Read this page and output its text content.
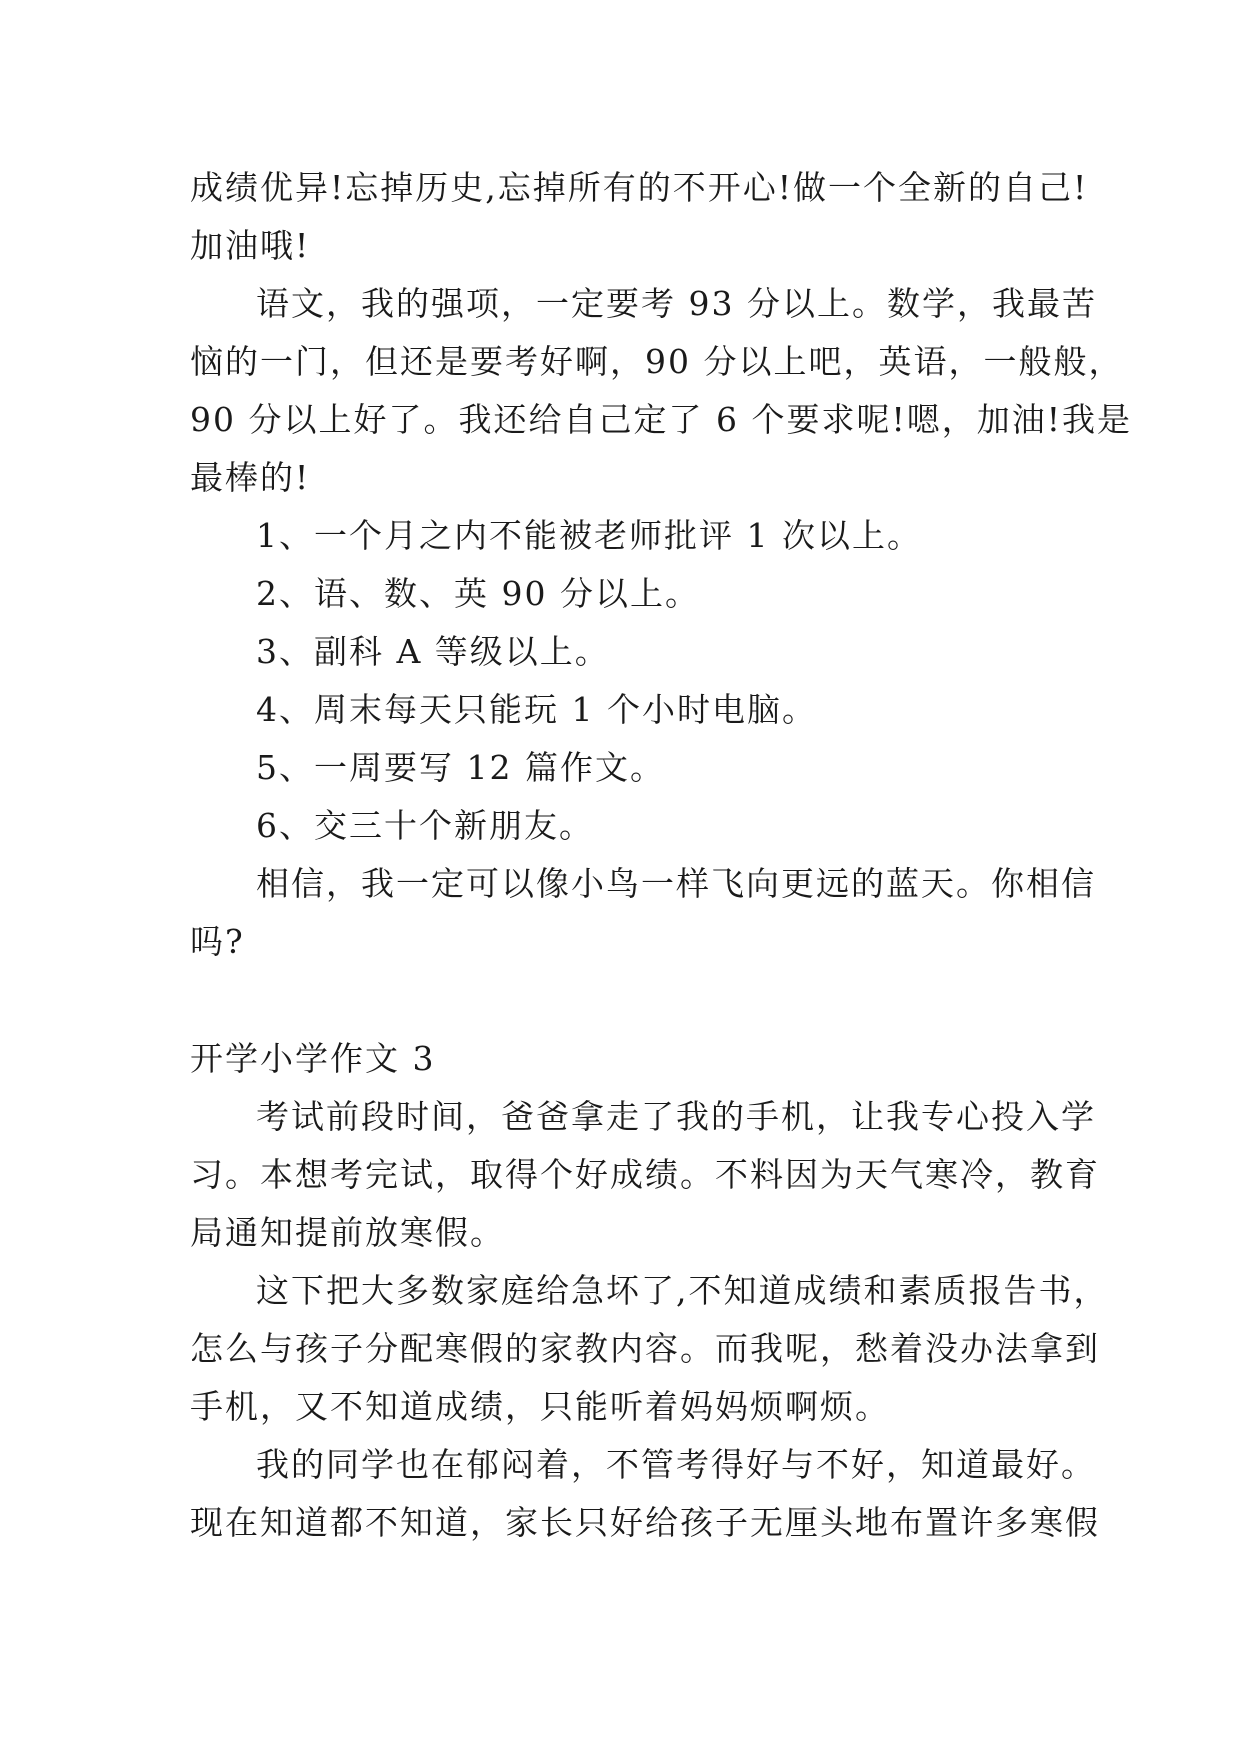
成绩优异!忘掉历史,忘掉所有的不开心!做一个全新的自己!
加油哦!
语文，我的强项，一定要考 93 分以上。数学，我最苦
恼的一门，但还是要考好啊，90 分以上吧，英语，一般般，
90 分以上好了。我还给自己定了 6 个要求呢!嗯，加油!我是
最棒的!
1、一个月之内不能被老师批评 1 次以上。
2、语、数、英 90 分以上。
3、副科 A 等级以上。
4、周末每天只能玩 1 个小时电脑。
5、一周要写 12 篇作文。
6、交三十个新朋友。
相信，我一定可以像小鸟一样飞向更远的蓝天。你相信
吗?
开学小学作文 3
考试前段时间，爸爸拿走了我的手机，让我专心投入学
习。本想考完试，取得个好成绩。不料因为天气寒冷，教育
局通知提前放寒假。
这下把大多数家庭给急坏了,不知道成绩和素质报告书，
怎么与孩子分配寒假的家教内容。而我呢，愁着没办法拿到
手机，又不知道成绩，只能听着妈妈烦啊烦。
我的同学也在郁闷着，不管考得好与不好，知道最好。
现在知道都不知道，家长只好给孩子无厘头地布置许多寒假
